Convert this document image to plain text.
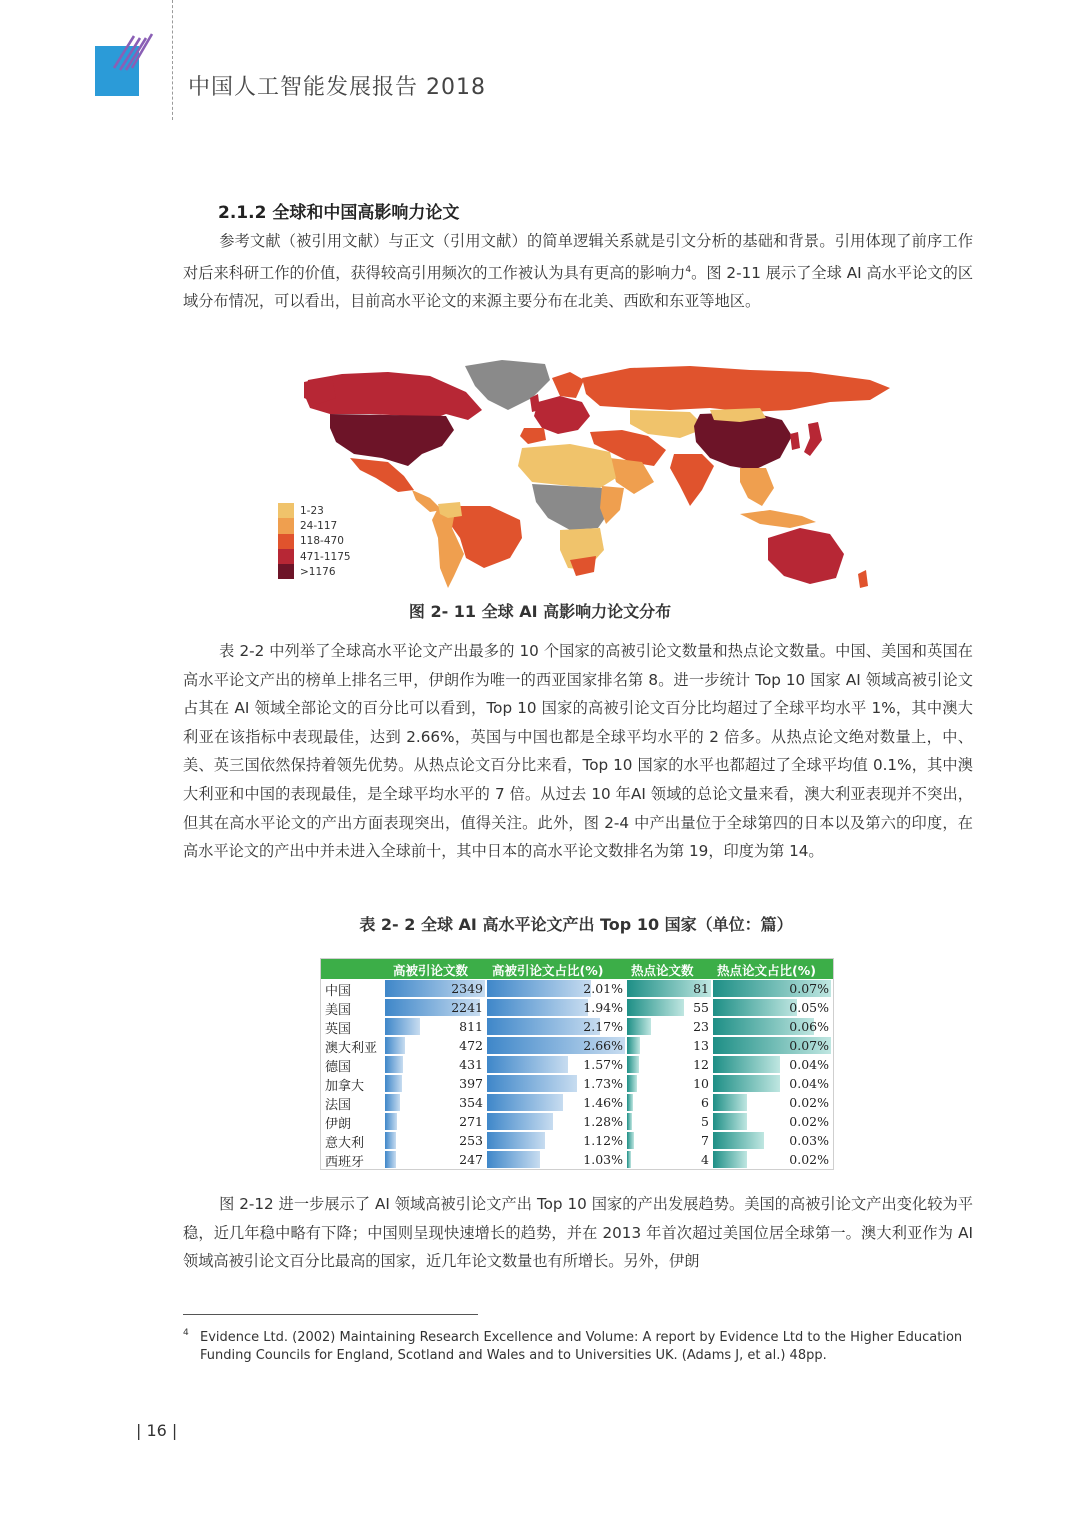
中国人工智能发展报告 2018
2.1.2 全球和中国高影响力论文

参考文献（被引用文献）与正文（引用文献）的简单逻辑关系就是引文分析的基础和背景。引用体现了前序工作对后来科研工作的价值，获得较高引用频次的工作被认为具有更高的影响力$^4$。图 2-11 展示了全球 AI 高水平论文的区域分布情况，可以看出，目前高水平论文的来源主要分布在北美、西欧和东亚等地区。

1-23
24-117
118-470
471-1175
>1176
图 2- 11 全球 AI 高影响力论文分布

表 2-2 中列举了全球高水平论文产出最多的 10 个国家的高被引论文数量和热点论文数量。中国、美国和英国在高水平论文产出的榜单上排名三甲，伊朗作为唯一的西亚国家排名第 8。进一步统计 Top 10 国家 AI 领域高被引论文占其在 AI 领域全部论文的百分比可以看到，Top 10 国家的高被引论文百分比均超过了全球平均水平 1%，其中澳大利亚在该指标中表现最佳，达到 2.66%，英国与中国也都是全球平均水平的 2 倍多。从热点论文绝对数量上，中、美、英三国依然保持着领先优势。从热点论文百分比来看，Top 10 国家的水平也都超过了全球平均值 0.1%，其中澳大利亚和中国的表现最佳，是全球平均水平的 7 倍。从过去 10 年AI 领域的总论文量来看，澳大利亚表现并不突出，但其在高水平论文的产出方面表现突出，值得关注。此外，图 2-4 中产出量位于全球第四的日本以及第六的印度，在高水平论文的产出中并未进入全球前十，其中日本的高水平论文数排名为第 19，印度为第 14。

表 2- 2 全球 AI 高水平论文产出 Top 10 国家（单位：篇）
高被引论文数 高被引论文占比(%) 热点论文数 热点论文占比(%)
中国	2349	2.01%	81	0.07%
美国	2241	1.94%	55	0.05%
英国	811	2.17%	23	0.06%
澳大利亚	472	2.66%	13	0.07%
德国	431	1.57%	12	0.04%
加拿大	397	1.73%	10	0.04%
法国	354	1.46%	6	0.02%
伊朗	271	1.28%	5	0.02%
意大利	253	1.12%	7	0.03%
西班牙	247	1.03%	4	0.02%

图 2-12 进一步展示了 AI 领域高被引论文产出 Top 10 国家的产出发展趋势。美国的高被引论文产出变化较为平稳，近几年稳中略有下降；中国则呈现快速增长的趋势，并在 2013 年首次超过美国位居全球第一。澳大利亚作为 AI 领域高被引论文百分比最高的国家，近几年论文数量也有所增长。另外，伊朗

4 Evidence Ltd. (2002) Maintaining Research Excellence and Volume: A report by Evidence Ltd to the Higher Education Funding Councils for England, Scotland and Wales and to Universities UK. (Adams J, et al.) 48pp.
| 16 |
